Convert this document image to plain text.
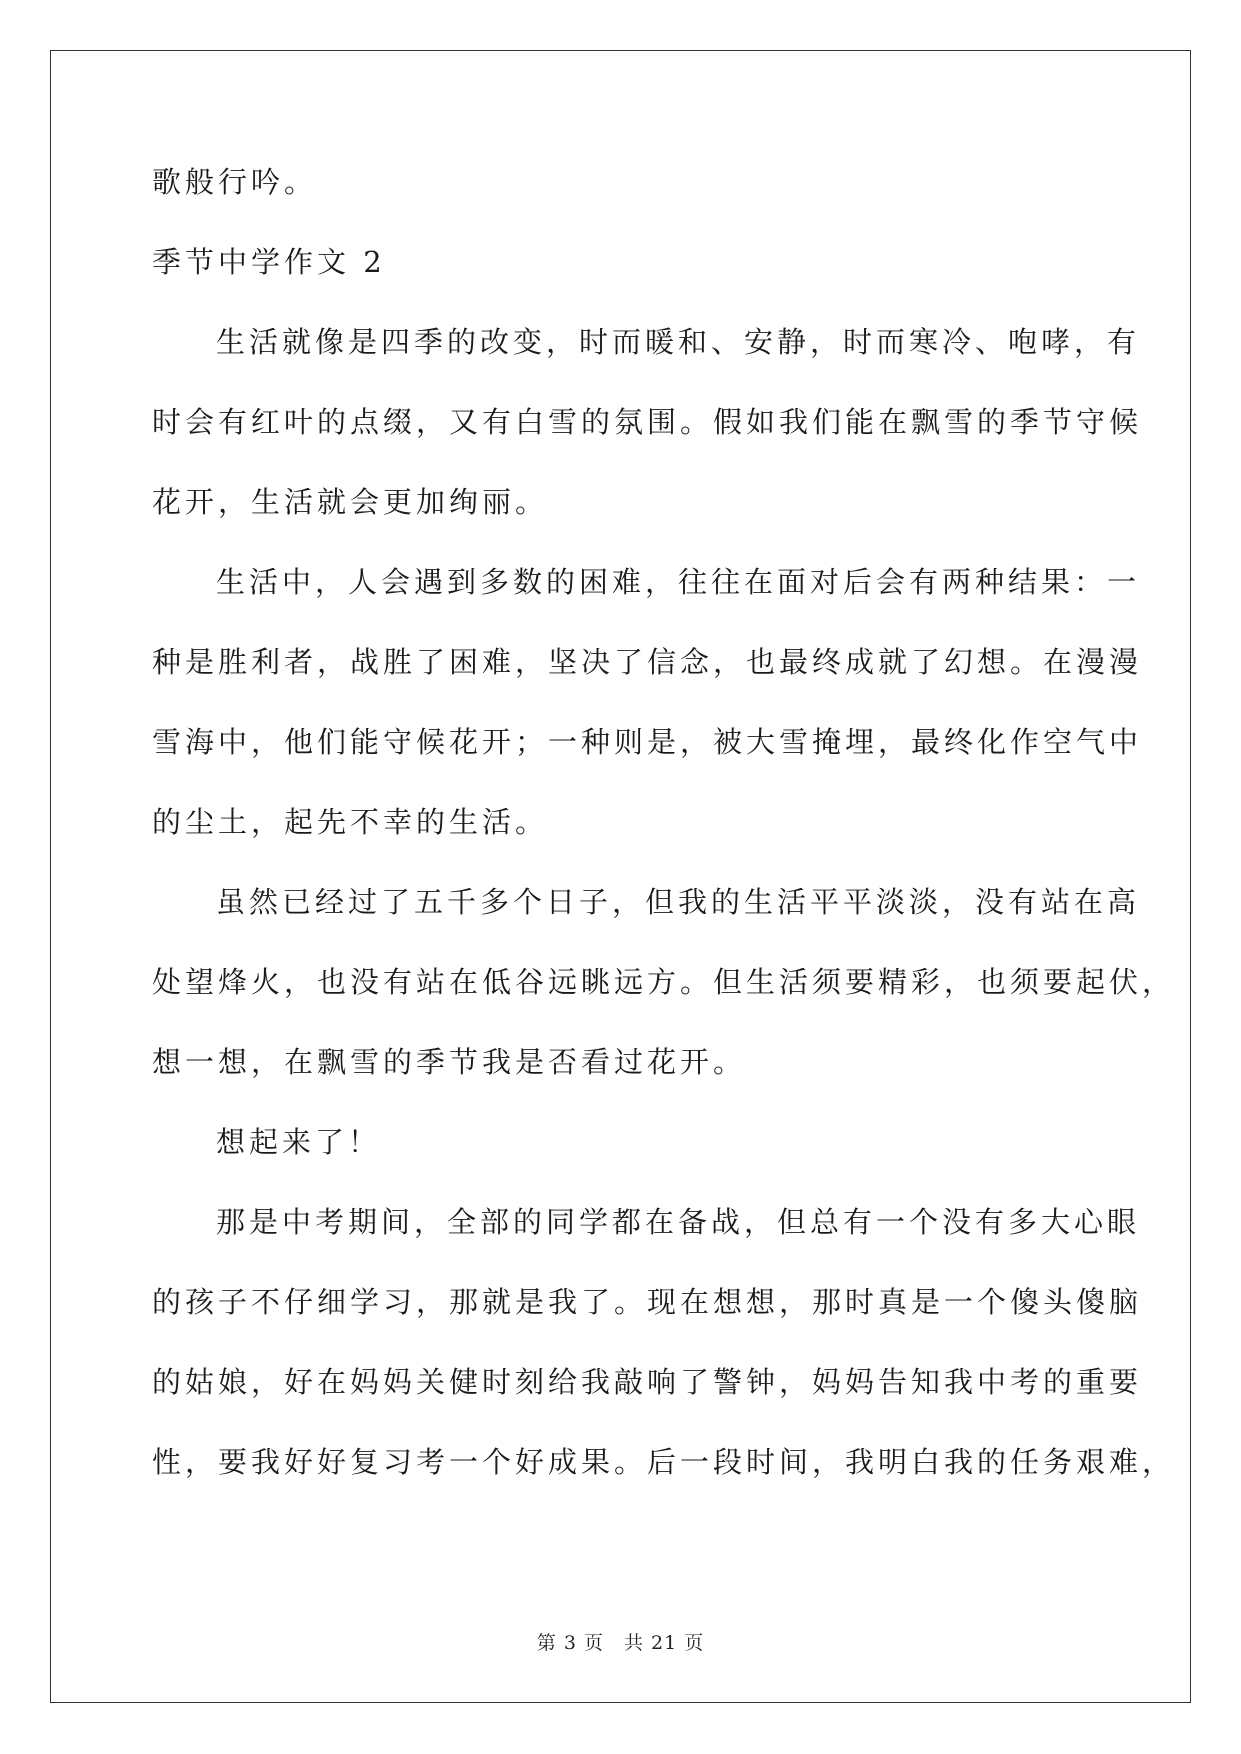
歌般行吟。
季节中学作文 2
生活就像是四季的改变，时而暖和、安静，时而寒冷、咆哮，有
时会有红叶的点缀，又有白雪的氛围。假如我们能在飘雪的季节守候
花开，生活就会更加绚丽。
生活中，人会遇到多数的困难，往往在面对后会有两种结果：一
种是胜利者，战胜了困难，坚决了信念，也最终成就了幻想。在漫漫
雪海中，他们能守候花开；一种则是，被大雪掩埋，最终化作空气中
的尘土，起先不幸的生活。
虽然已经过了五千多个日子，但我的生活平平淡淡，没有站在高
处望烽火，也没有站在低谷远眺远方。但生活须要精彩，也须要起伏，
想一想，在飘雪的季节我是否看过花开。
想起来了！
那是中考期间，全部的同学都在备战，但总有一个没有多大心眼
的孩子不仔细学习，那就是我了。现在想想，那时真是一个傻头傻脑
的姑娘，好在妈妈关健时刻给我敲响了警钟，妈妈告知我中考的重要
性，要我好好复习考一个好成果。后一段时间，我明白我的任务艰难，
第 3 页 共 21 页
